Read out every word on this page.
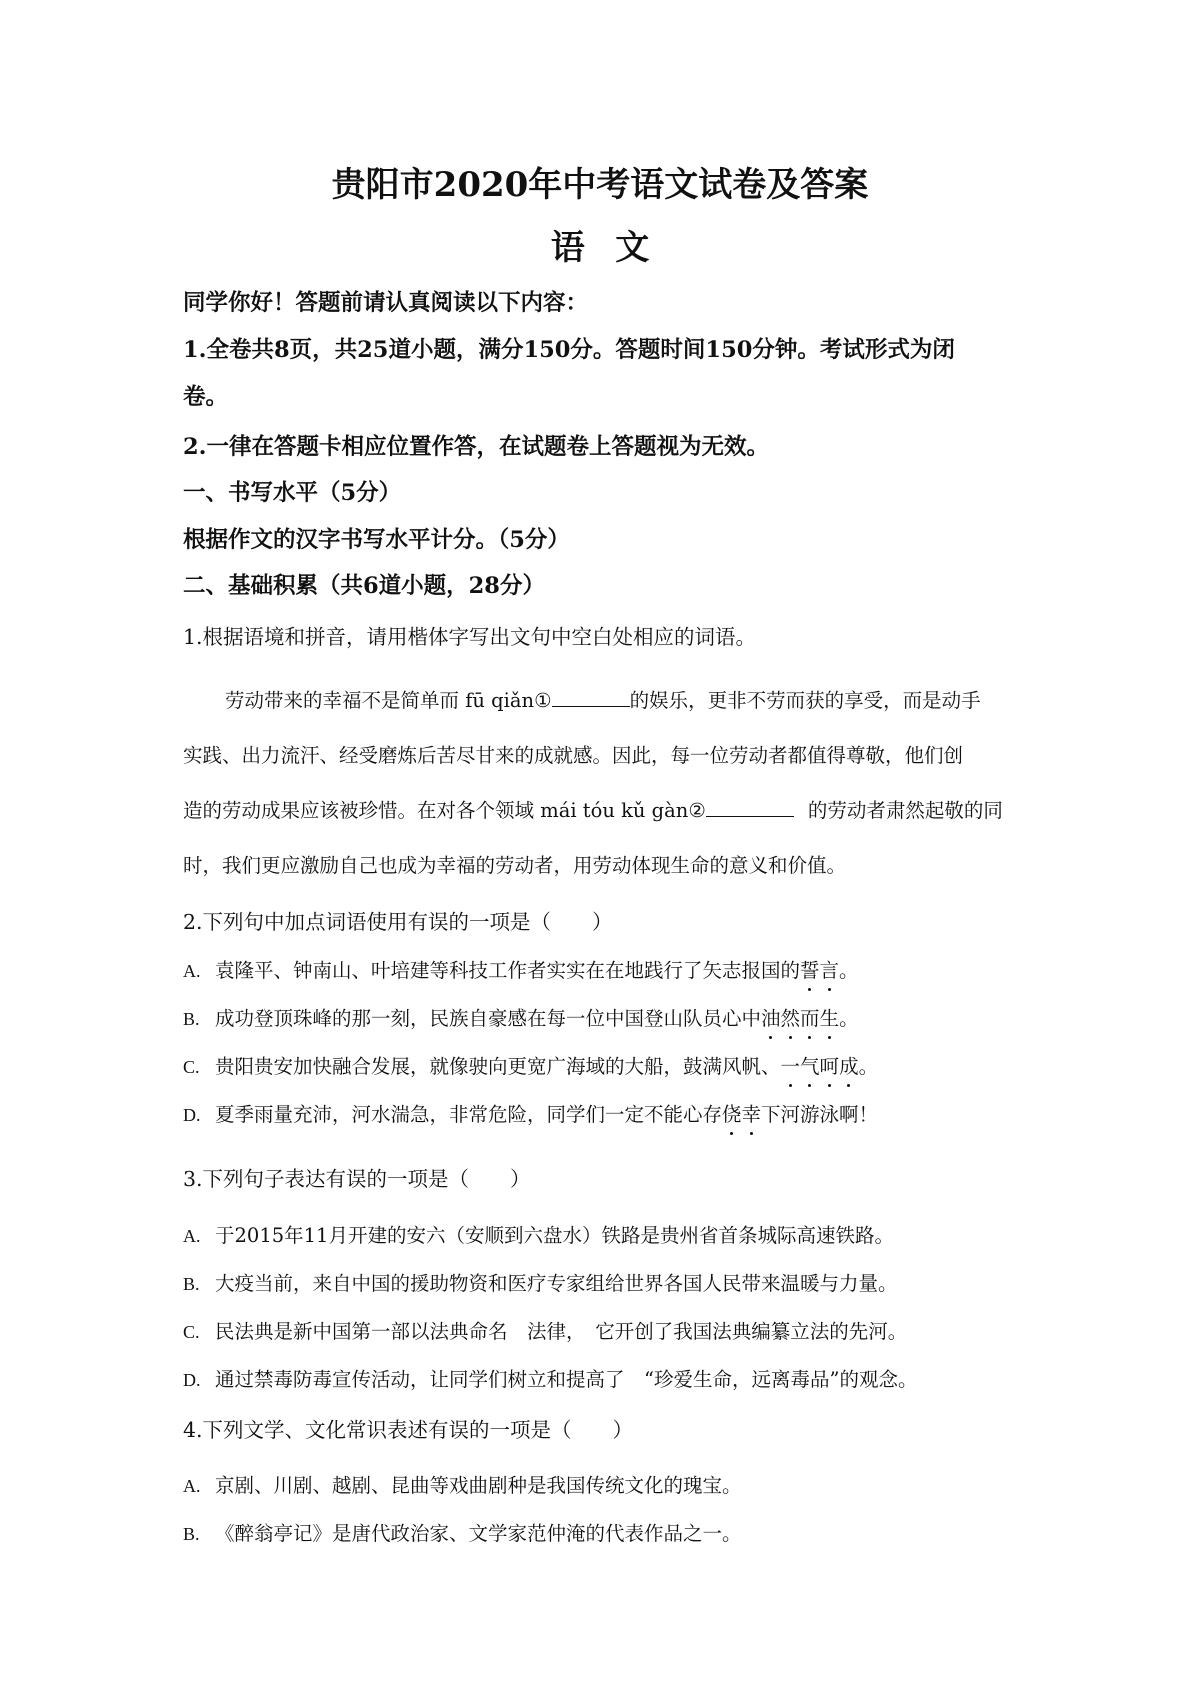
贵阳市2020年中考语文试卷及答案
语文
同学你好！答题前请认真阅读以下内容：
1.全卷共8页，共25道小题，满分150分。答题时间150分钟。考试形式为闭
卷。
2.一律在答题卡相应位置作答，在试题卷上答题视为无效。
一、书写水平（5分）
根据作文的汉字书写水平计分。（5分）
二、基础积累（共6道小题，28分）
1.根据语境和拼音，请用楷体字写出文句中空白处相应的词语。
劳动带来的幸福不是简单而 fū qiǎn①	的娱乐，更非不劳而获的享受，而是动手
实践、出力流汗、经受磨炼后苦尽甘来的成就感。因此，每一位劳动者都值得尊敬，他们创
造的劳动成果应该被珍惜。在对各个领域 mái tóu kǔ gàn②	的劳动者肃然起敬的同
时，我们更应激励自己也成为幸福的劳动者，用劳动体现生命的意义和价值。
2.下列句中加点词语使用有误的一项是（　　）
A. 袁隆平、钟南山、叶培建等科技工作者实实在在地践行了矢志报国的誓言。
B. 成功登顶珠峰的那一刻，民族自豪感在每一位中国登山队员心中油然而生。
C. 贵阳贵安加快融合发展，就像驶向更宽广海域的大船，鼓满风帆、一气呵成。
D. 夏季雨量充沛，河水湍急，非常危险，同学们一定不能心存侥幸下河游泳啊！
3.下列句子表达有误的一项是（　　）
A. 于2015年11月开建的安六（安顺到六盘水）铁路是贵州省首条城际高速铁路。
B. 大疫当前，来自中国的援助物资和医疗专家组给世界各国人民带来温暖与力量。
C. 民法典是新中国第一部以法典命名　法律，　它开创了我国法典编纂立法的先河。
D. 通过禁毒防毒宣传活动，让同学们树立和提高了　“珍爱生命，远离毒品”的观念。
4.下列文学、文化常识表述有误的一项是（　　）
A. 京剧、川剧、越剧、昆曲等戏曲剧种是我国传统文化的瑰宝。
B. 《醉翁亭记》是唐代政治家、文学家范仲淹的代表作品之一。
